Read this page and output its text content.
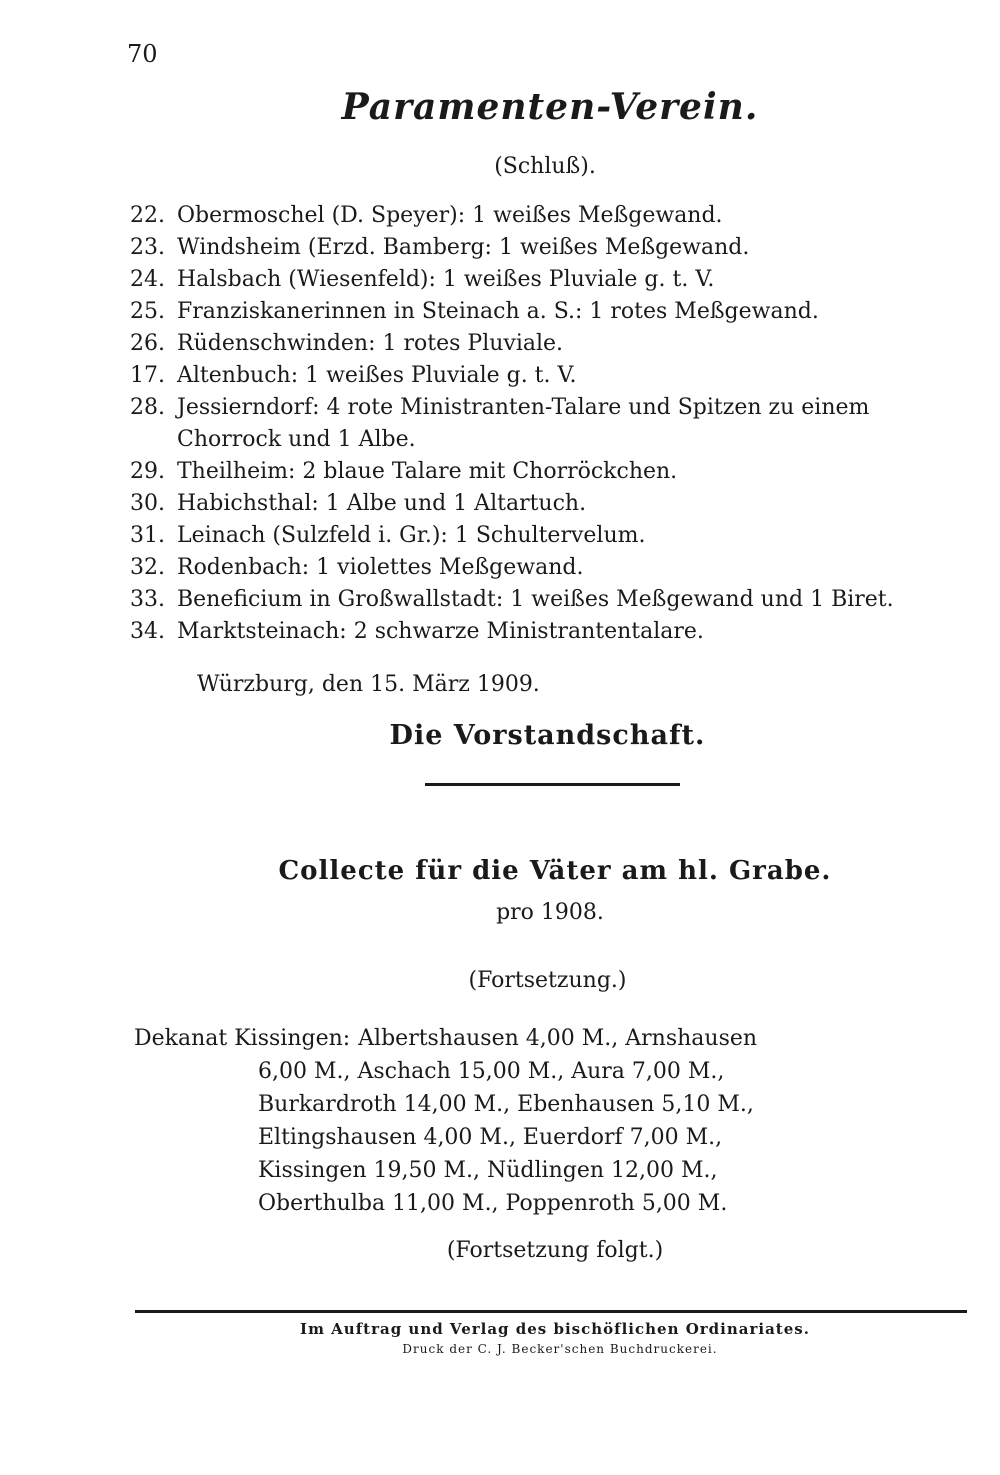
70
Paramenten-Verein.
(Schluß).
22. Obermoschel (D. Speyer): 1 weißes Meßgewand.
23. Windsheim (Erzd. Bamberg: 1 weißes Meßgewand.
24. Halsbach (Wiesenfeld): 1 weißes Pluviale g. t. V.
25. Franziskanerinnen in Steinach a. S.: 1 rotes Meßgewand.
26. Rüdenschwinden: 1 rotes Pluviale.
17. Altenbuch: 1 weißes Pluviale g. t. V.
28. Jessierndorf: 4 rote Ministranten-Talare und Spitzen zu einem Chorrock und 1 Albe.
29. Theilheim: 2 blaue Talare mit Chorröckchen.
30. Habichsthal: 1 Albe und 1 Altartuch.
31. Leinach (Sulzfeld i. Gr.): 1 Schultervelum.
32. Rodenbach: 1 violettes Meßgewand.
33. Beneficium in Großwallstadt: 1 weißes Meßgewand und 1 Biret.
34. Marktsteinach: 2 schwarze Ministrantentalare.
Würzburg, den 15. März 1909.
Die Vorstandschaft.
Collecte für die Väter am hl. Grabe.
pro 1908.
(Fortsetzung.)
Dekanat Kissingen: Albertshausen 4,00 M., Arnshausen 6,00 M., Aschach 15,00 M., Aura 7,00 M., Burkardroth 14,00 M., Ebenhausen 5,10 M., Eltingshausen 4,00 M., Euerdorf 7,00 M., Kissingen 19,50 M., Nüdlingen 12,00 M., Oberthulba 11,00 M., Poppenroth 5,00 M.
(Fortsetzung folgt.)
Im Auftrag und Verlag des bischöflichen Ordinariates.
Druck der C. J. Becker'schen Buchdruckerei.
